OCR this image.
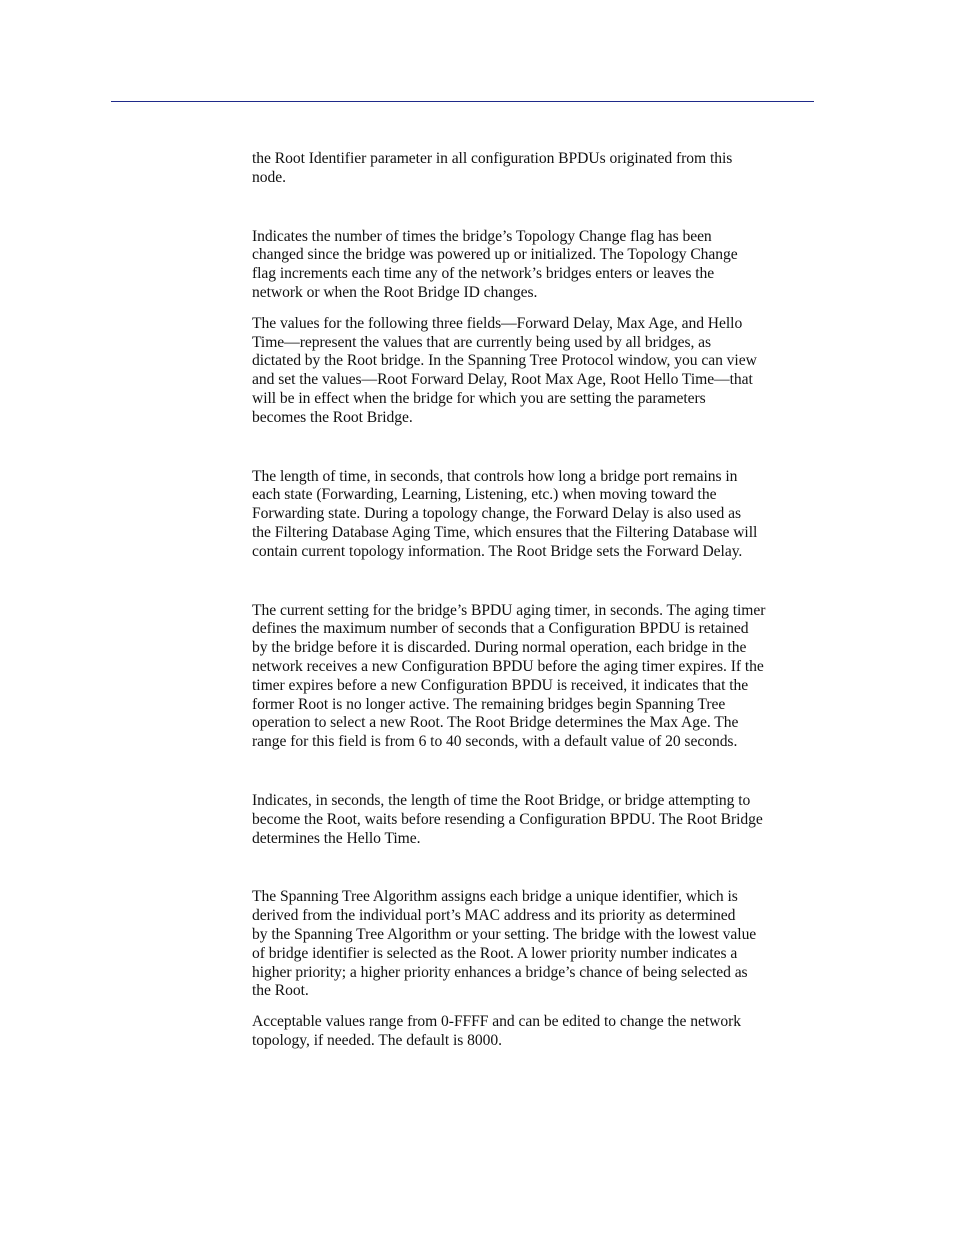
the Root Identifier parameter in all configuration BPDUs originated from this
node.

Indicates the number of times the bridge’s Topology Change flag has been
changed since the bridge was powered up or initialized. The Topology Change
flag increments each time any of the network’s bridges enters or leaves the
network or when the Root Bridge ID changes.

The values for the following three fields—Forward Delay, Max Age, and Hello
Time—represent the values that are currently being used by all bridges, as
dictated by the Root bridge. In the Spanning Tree Protocol window, you can view
and set the values—Root Forward Delay, Root Max Age, Root Hello Time—that
will be in effect when the bridge for which you are setting the parameters
becomes the Root Bridge.

The length of time, in seconds, that controls how long a bridge port remains in
each state (Forwarding, Learning, Listening, etc.) when moving toward the
Forwarding state. During a topology change, the Forward Delay is also used as
the Filtering Database Aging Time, which ensures that the Filtering Database will
contain current topology information. The Root Bridge sets the Forward Delay.

The current setting for the bridge’s BPDU aging timer, in seconds. The aging timer
defines the maximum number of seconds that a Configuration BPDU is retained
by the bridge before it is discarded. During normal operation, each bridge in the
network receives a new Configuration BPDU before the aging timer expires. If the
timer expires before a new Configuration BPDU is received, it indicates that the
former Root is no longer active. The remaining bridges begin Spanning Tree
operation to select a new Root. The Root Bridge determines the Max Age. The
range for this field is from 6 to 40 seconds, with a default value of 20 seconds.

Indicates, in seconds, the length of time the Root Bridge, or bridge attempting to
become the Root, waits before resending a Configuration BPDU. The Root Bridge
determines the Hello Time.

The Spanning Tree Algorithm assigns each bridge a unique identifier, which is
derived from the individual port’s MAC address and its priority as determined
by the Spanning Tree Algorithm or your setting. The bridge with the lowest value
of bridge identifier is selected as the Root. A lower priority number indicates a
higher priority; a higher priority enhances a bridge’s chance of being selected as
the Root.

Acceptable values range from 0-FFFF and can be edited to change the network
topology, if needed. The default is 8000.
